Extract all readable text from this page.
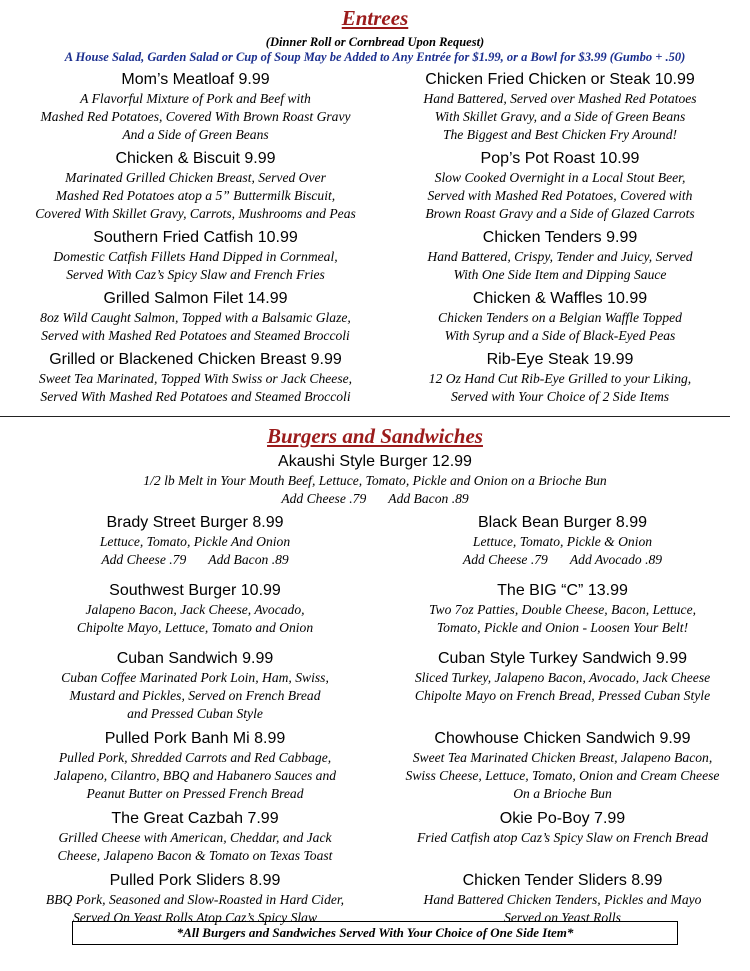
Entrees
(Dinner Roll or Cornbread Upon Request)
A House Salad, Garden Salad or Cup of Soup May be Added to Any Entrée for $1.99, or a Bowl for $3.99 (Gumbo + .50)
Mom’s Meatloaf 9.99
A Flavorful Mixture of Pork and Beef with
Mashed Red Potatoes, Covered With Brown Roast Gravy
And a Side of Green Beans
Chicken & Biscuit 9.99
Marinated Grilled Chicken Breast, Served Over
Mashed Red Potatoes atop a 5” Buttermilk Biscuit,
Covered With Skillet Gravy, Carrots, Mushrooms and Peas
Southern Fried Catfish 10.99
Domestic Catfish Fillets Hand Dipped in Cornmeal,
Served With Caz’s Spicy Slaw and French Fries
Grilled Salmon Filet 14.99
8oz Wild Caught Salmon, Topped with a Balsamic Glaze,
Served with Mashed Red Potatoes and Steamed Broccoli
Grilled or Blackened Chicken Breast 9.99
Sweet Tea Marinated, Topped With Swiss or Jack Cheese,
Served With Mashed Red Potatoes and Steamed Broccoli
Chicken Fried Chicken or Steak 10.99
Hand Battered, Served over Mashed Red Potatoes
With Skillet Gravy, and a Side of Green Beans
The Biggest and Best Chicken Fry Around!
Pop’s Pot Roast 10.99
Slow Cooked Overnight in a Local Stout Beer,
Served with Mashed Red Potatoes, Covered with
Brown Roast Gravy and a Side of Glazed Carrots
Chicken Tenders 9.99
Hand Battered, Crispy, Tender and Juicy, Served
With One Side Item and Dipping Sauce
Chicken & Waffles 10.99
Chicken Tenders on a Belgian Waffle Topped
With Syrup and a Side of Black-Eyed Peas
Rib-Eye Steak 19.99
12 Oz Hand Cut Rib-Eye Grilled to your Liking,
Served with Your Choice of 2 Side Items
Burgers and Sandwiches
Akaushi Style Burger 12.99
1/2 lb Melt in Your Mouth Beef, Lettuce, Tomato, Pickle and Onion on a Brioche Bun
Add Cheese .79 Add Bacon .89
Brady Street Burger 8.99
Lettuce, Tomato, Pickle And Onion
Add Cheese .79 Add Bacon .89
Southwest Burger 10.99
Jalapeno Bacon, Jack Cheese, Avocado,
Chipolte Mayo, Lettuce, Tomato and Onion
Cuban Sandwich 9.99
Cuban Coffee Marinated Pork Loin, Ham, Swiss,
Mustard and Pickles, Served on French Bread
and Pressed Cuban Style
Pulled Pork Banh Mi 8.99
Pulled Pork, Shredded Carrots and Red Cabbage,
Jalapeno, Cilantro, BBQ and Habanero Sauces and
Peanut Butter on Pressed French Bread
The Great Cazbah 7.99
Grilled Cheese with American, Cheddar, and Jack
Cheese, Jalapeno Bacon & Tomato on Texas Toast
Pulled Pork Sliders 8.99
BBQ Pork, Seasoned and Slow-Roasted in Hard Cider,
Served On Yeast Rolls Atop Caz’s Spicy Slaw
Black Bean Burger 8.99
Lettuce, Tomato, Pickle & Onion
Add Cheese .79 Add Avocado .89
The BIG “C” 13.99
Two 7oz Patties, Double Cheese, Bacon, Lettuce,
Tomato, Pickle and Onion - Loosen Your Belt!
Cuban Style Turkey Sandwich 9.99
Sliced Turkey, Jalapeno Bacon, Avocado, Jack Cheese
Chipolte Mayo on French Bread, Pressed Cuban Style
Chowhouse Chicken Sandwich 9.99
Sweet Tea Marinated Chicken Breast, Jalapeno Bacon,
Swiss Cheese, Lettuce, Tomato, Onion and Cream Cheese
On a Brioche Bun
Okie Po-Boy 7.99
Fried Catfish atop Caz’s Spicy Slaw on French Bread
Chicken Tender Sliders 8.99
Hand Battered Chicken Tenders, Pickles and Mayo
Served on Yeast Rolls
*All Burgers and Sandwiches Served With Your Choice of One Side Item*
